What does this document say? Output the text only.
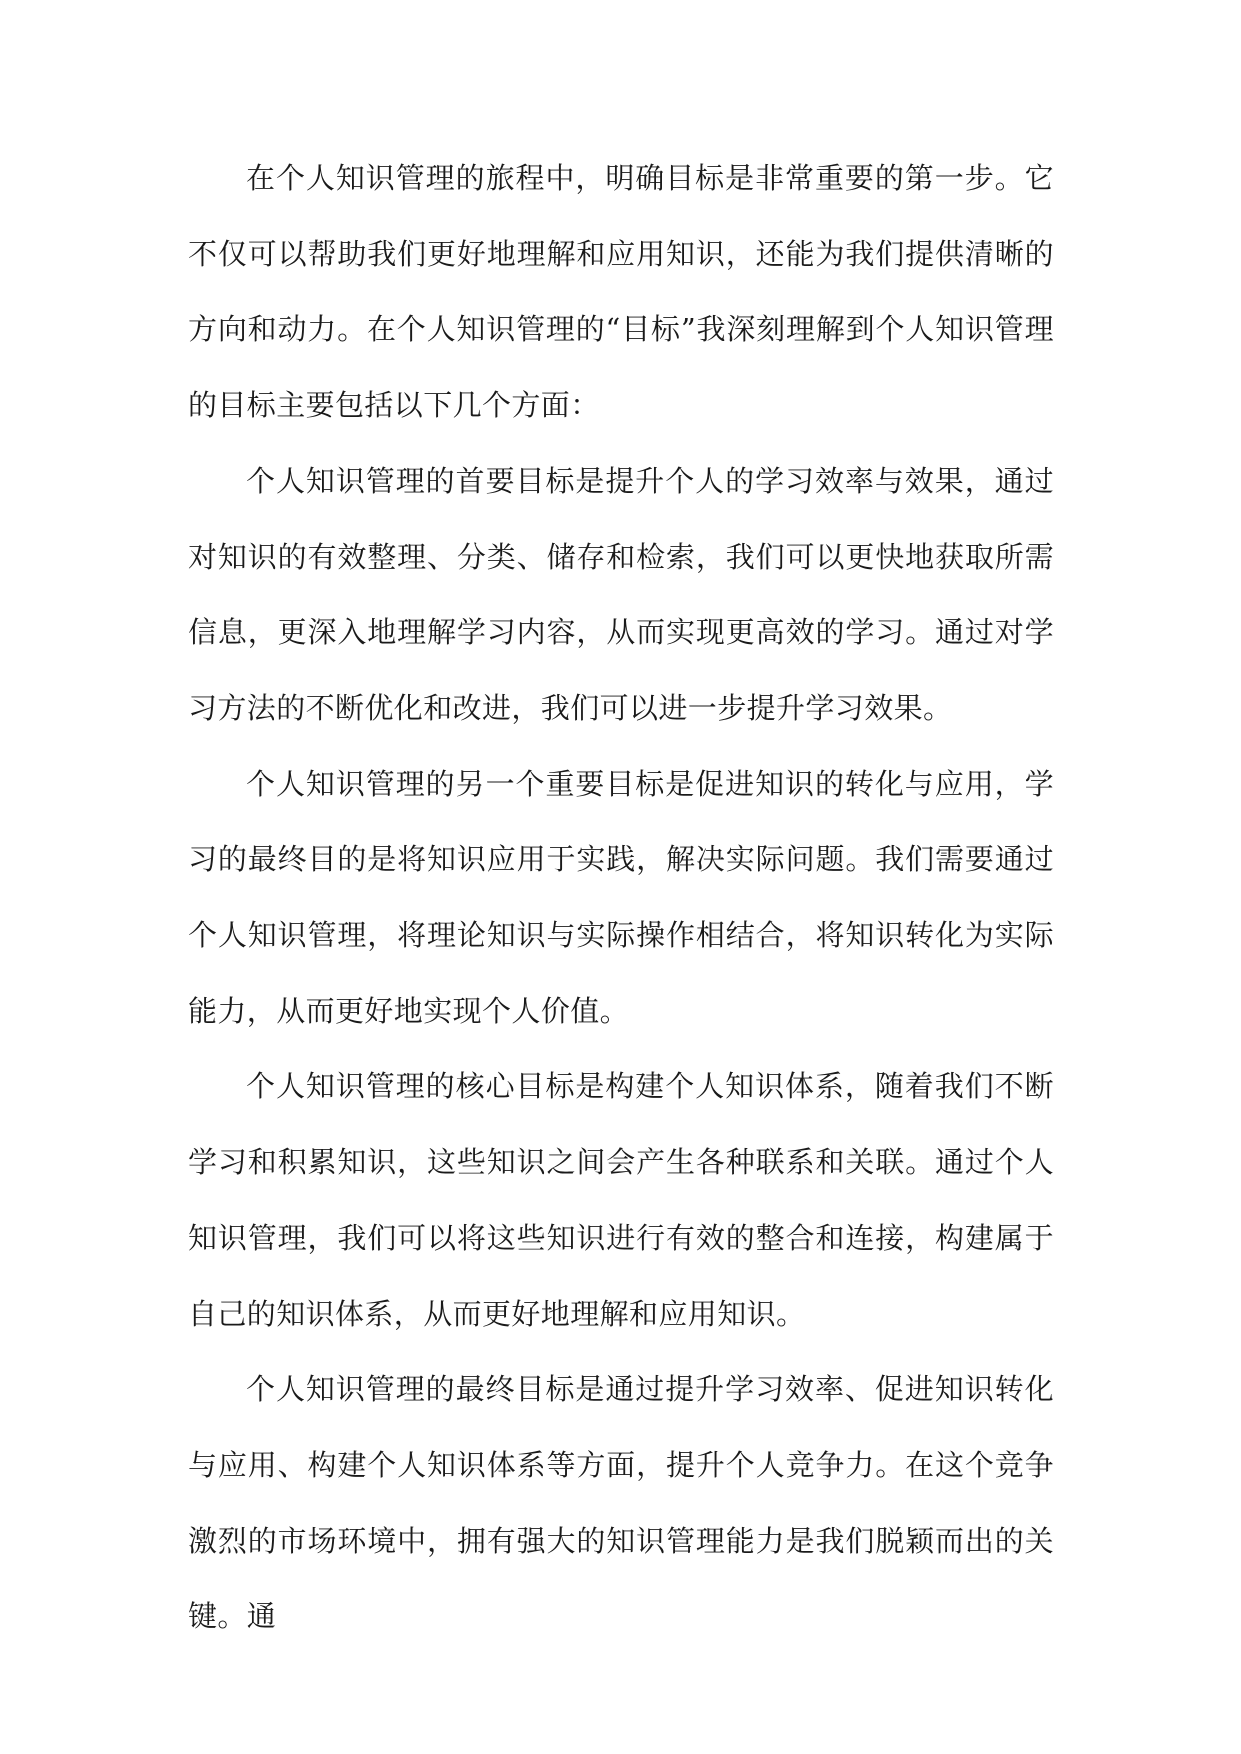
在个人知识管理的旅程中，明确目标是非常重要的第一步。它不仅可以帮助我们更好地理解和应用知识，还能为我们提供清晰的方向和动力。在个人知识管理的“目标”我深刻理解到个人知识管理的目标主要包括以下几个方面：

个人知识管理的首要目标是提升个人的学习效率与效果，通过对知识的有效整理、分类、储存和检索，我们可以更快地获取所需信息，更深入地理解学习内容，从而实现更高效的学习。通过对学习方法的不断优化和改进，我们可以进一步提升学习效果。

个人知识管理的另一个重要目标是促进知识的转化与应用，学习的最终目的是将知识应用于实践，解决实际问题。我们需要通过个人知识管理，将理论知识与实际操作相结合，将知识转化为实际能力，从而更好地实现个人价值。

个人知识管理的核心目标是构建个人知识体系，随着我们不断学习和积累知识，这些知识之间会产生各种联系和关联。通过个人知识管理，我们可以将这些知识进行有效的整合和连接，构建属于自己的知识体系，从而更好地理解和应用知识。

个人知识管理的最终目标是通过提升学习效率、促进知识转化与应用、构建个人知识体系等方面，提升个人竞争力。在这个竞争激烈的市场环境中，拥有强大的知识管理能力是我们脱颖而出的关键。通
